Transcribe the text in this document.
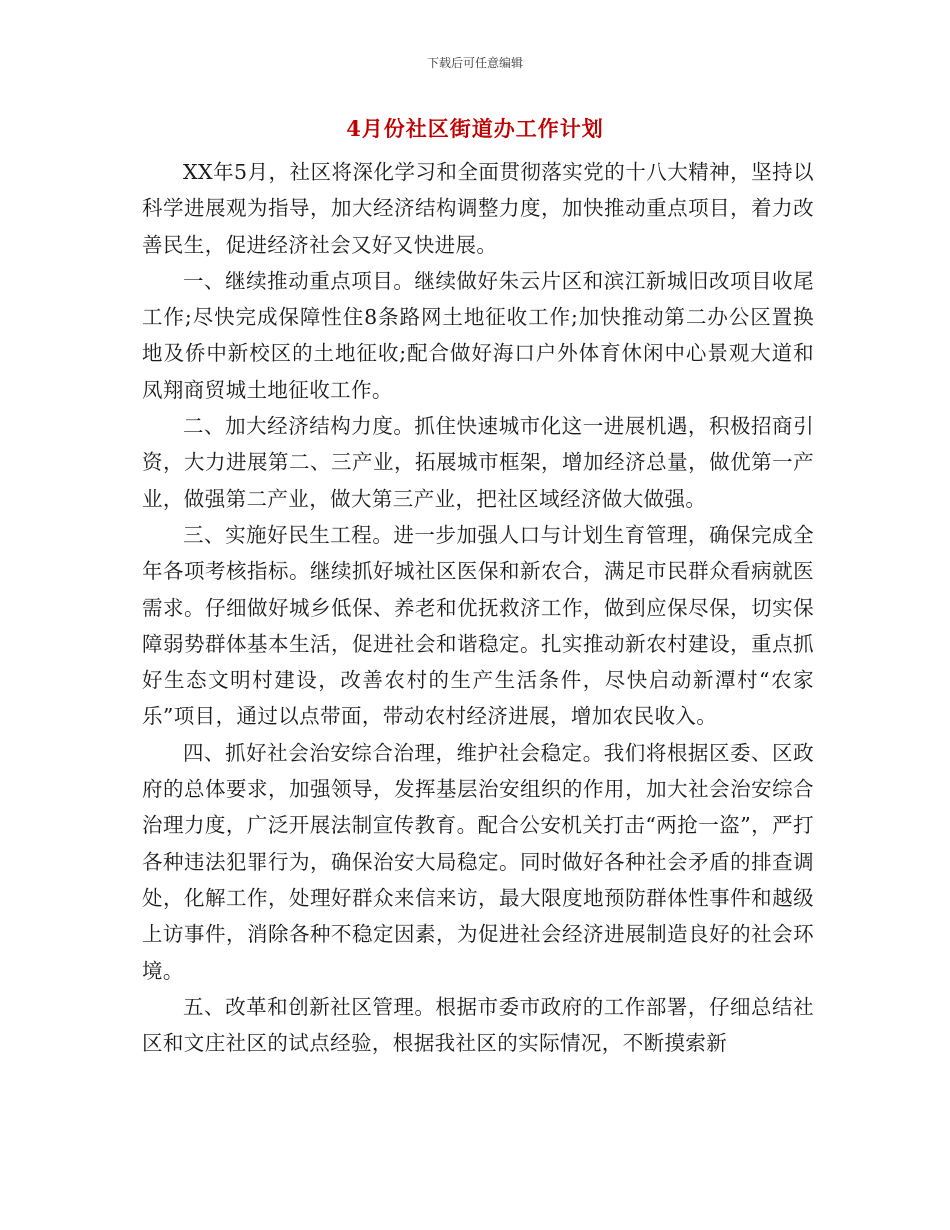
下载后可任意编辑
4月份社区街道办工作计划

XX年5月，社区将深化学习和全面贯彻落实党的十八大精神，坚持以科学进展观为指导，加大经济结构调整力度，加快推动重点项目，着力改善民生，促进经济社会又好又快进展。

一、继续推动重点项目。继续做好朱云片区和滨江新城旧改项目收尾工作;尽快完成保障性住8条路网土地征收工作;加快推动第二办公区置换地及侨中新校区的土地征收;配合做好海口户外体育休闲中心景观大道和凤翔商贸城土地征收工作。

二、加大经济结构力度。抓住快速城市化这一进展机遇，积极招商引资，大力进展第二、三产业，拓展城市框架，增加经济总量，做优第一产业，做强第二产业，做大第三产业，把社区域经济做大做强。

三、实施好民生工程。进一步加强人口与计划生育管理，确保完成全年各项考核指标。继续抓好城社区医保和新农合，满足市民群众看病就医需求。仔细做好城乡低保、养老和优抚救济工作，做到应保尽保，切实保障弱势群体基本生活，促进社会和谐稳定。扎实推动新农村建设，重点抓好生态文明村建设，改善农村的生产生活条件，尽快启动新潭村“农家乐”项目，通过以点带面，带动农村经济进展，增加农民收入。

四、抓好社会治安综合治理，维护社会稳定。我们将根据区委、区政府的总体要求，加强领导，发挥基层治安组织的作用，加大社会治安综合治理力度，广泛开展法制宣传教育。配合公安机关打击“两抢一盗”，严打各种违法犯罪行为，确保治安大局稳定。同时做好各种社会矛盾的排查调处，化解工作，处理好群众来信来访，最大限度地预防群体性事件和越级上访事件，消除各种不稳定因素，为促进社会经济进展制造良好的社会环境。

五、改革和创新社区管理。根据市委市政府的工作部署，仔细总结社区和文庄社区的试点经验，根据我社区的实际情况，不断摸索新
